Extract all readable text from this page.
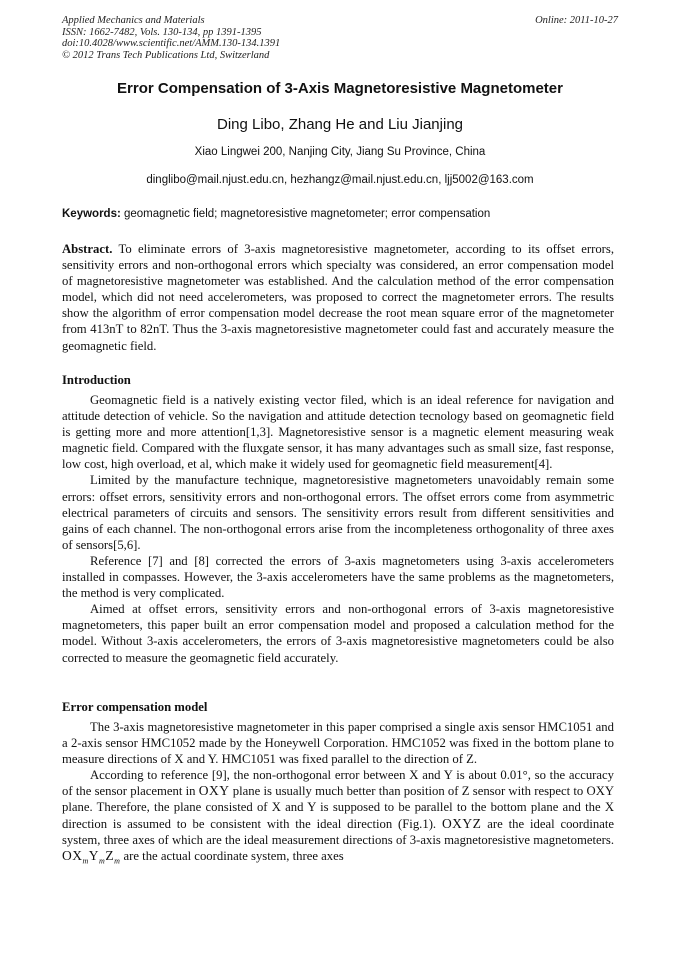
Applied Mechanics and Materials
ISSN: 1662-7482, Vols. 130-134, pp 1391-1395
doi:10.4028/www.scientific.net/AMM.130-134.1391
© 2012 Trans Tech Publications Ltd, Switzerland
Online: 2011-10-27
Error Compensation of 3-Axis Magnetoresistive Magnetometer
Ding Libo, Zhang He and Liu Jianjing
Xiao Lingwei 200, Nanjing City, Jiang Su Province, China
dinglibo@mail.njust.edu.cn, hezhangz@mail.njust.edu.cn, ljj5002@163.com
Keywords: geomagnetic field; magnetoresistive magnetometer; error compensation
Abstract. To eliminate errors of 3-axis magnetoresistive magnetometer, according to its offset errors, sensitivity errors and non-orthogonal errors which specialty was considered, an error compensation model of magnetoresistive magnetometer was established. And the calculation method of the error compensation model, which did not need accelerometers, was proposed to correct the magnetometer errors. The results show the algorithm of error compensation model decrease the root mean square error of the magnetometer from 413nT to 82nT. Thus the 3-axis magnetoresistive magnetometer could fast and accurately measure the geomagnetic field.
Introduction

Geomagnetic field is a natively existing vector filed, which is an ideal reference for navigation and attitude detection of vehicle. So the navigation and attitude detection tecnology based on geomagnetic field is getting more and more attention[1,3]. Magnetoresistive sensor is a magnetic element measuring weak magnetic field. Compared with the fluxgate sensor, it has many advantages such as small size, fast response, low cost, high overload, et al, which make it widely used for geomagnetic field measurement[4].

Limited by the manufacture technique, magnetoresistive magnetometers unavoidably remain some errors: offset errors, sensitivity errors and non-orthogonal errors. The offset errors come from asymmetric electrical parameters of circuits and sensors. The sensitivity errors result from different sensitivities and gains of each channel. The non-orthogonal errors arise from the incompleteness orthogonality of three axes of sensors[5,6].

Reference [7] and [8] corrected the errors of 3-axis magnetometers using 3-axis accelerometers installed in compasses. However, the 3-axis accelerometers have the same problems as the magnetometers, the method is very complicated.

Aimed at offset errors, sensitivity errors and non-orthogonal errors of 3-axis magnetoresistive magnetometers, this paper built an error compensation model and proposed a calculation method for the model. Without 3-axis accelerometers, the errors of 3-axis magnetoresistive magnetometers could be also corrected to measure the geomagnetic field accurately.

Error compensation model

The 3-axis magnetoresistive magnetometer in this paper comprised a single axis sensor HMC1051 and a 2-axis sensor HMC1052 made by the Honeywell Corporation. HMC1052 was fixed in the bottom plane to measure directions of X and Y. HMC1051 was fixed parallel to the direction of Z.

According to reference [9], the non-orthogonal error between X and Y is about 0.01°, so the accuracy of the sensor placement in OXY plane is usually much better than position of Z sensor with respect to OXY plane. Therefore, the plane consisted of X and Y is supposed to be parallel to the bottom plane and the X direction is assumed to be consistent with the ideal direction (Fig.1). OXYZ are the ideal coordinate system, three axes of which are the ideal measurement directions of 3-axis magnetoresistive magnetometers. $OX_mY_mZ_m$ are the actual coordinate system, three axes
